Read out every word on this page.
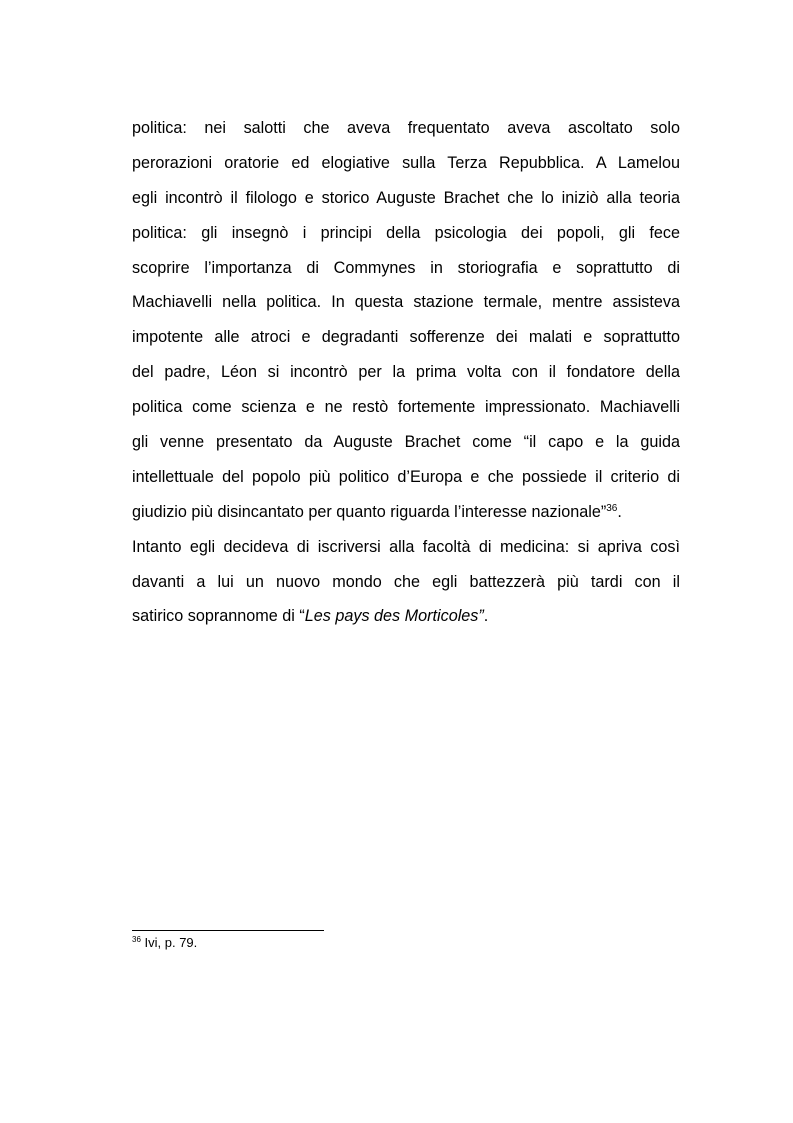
politica: nei salotti che aveva frequentato aveva ascoltato solo
perorazioni oratorie ed elogiative sulla Terza Repubblica. A Lamelou
egli incontrò il filologo e storico Auguste Brachet che lo iniziò alla teoria
politica: gli insegnò i principi della psicologia dei popoli, gli fece
scoprire l’importanza di Commynes in storiografia e soprattutto di
Machiavelli nella politica. In questa stazione termale, mentre assisteva
impotente alle atroci e degradanti sofferenze dei malati e soprattutto
del padre, Léon si incontrò per la prima volta con il fondatore della
politica come scienza e ne restò fortemente impressionato. Machiavelli
gli venne presentato da Auguste Brachet come “il capo e la guida
intellettuale del popolo più politico d’Europa e che possiede il criterio di
giudizio più disincantato per quanto riguarda l’interesse nazionale”$^{36}$.
Intanto egli decideva di iscriversi alla facoltà di medicina: si apriva così
davanti a lui un nuovo mondo che egli battezzerà più tardi con il
satirico soprannome di “Les pays des Morticoles”.
$^{36}$ Ivi, p. 79.
